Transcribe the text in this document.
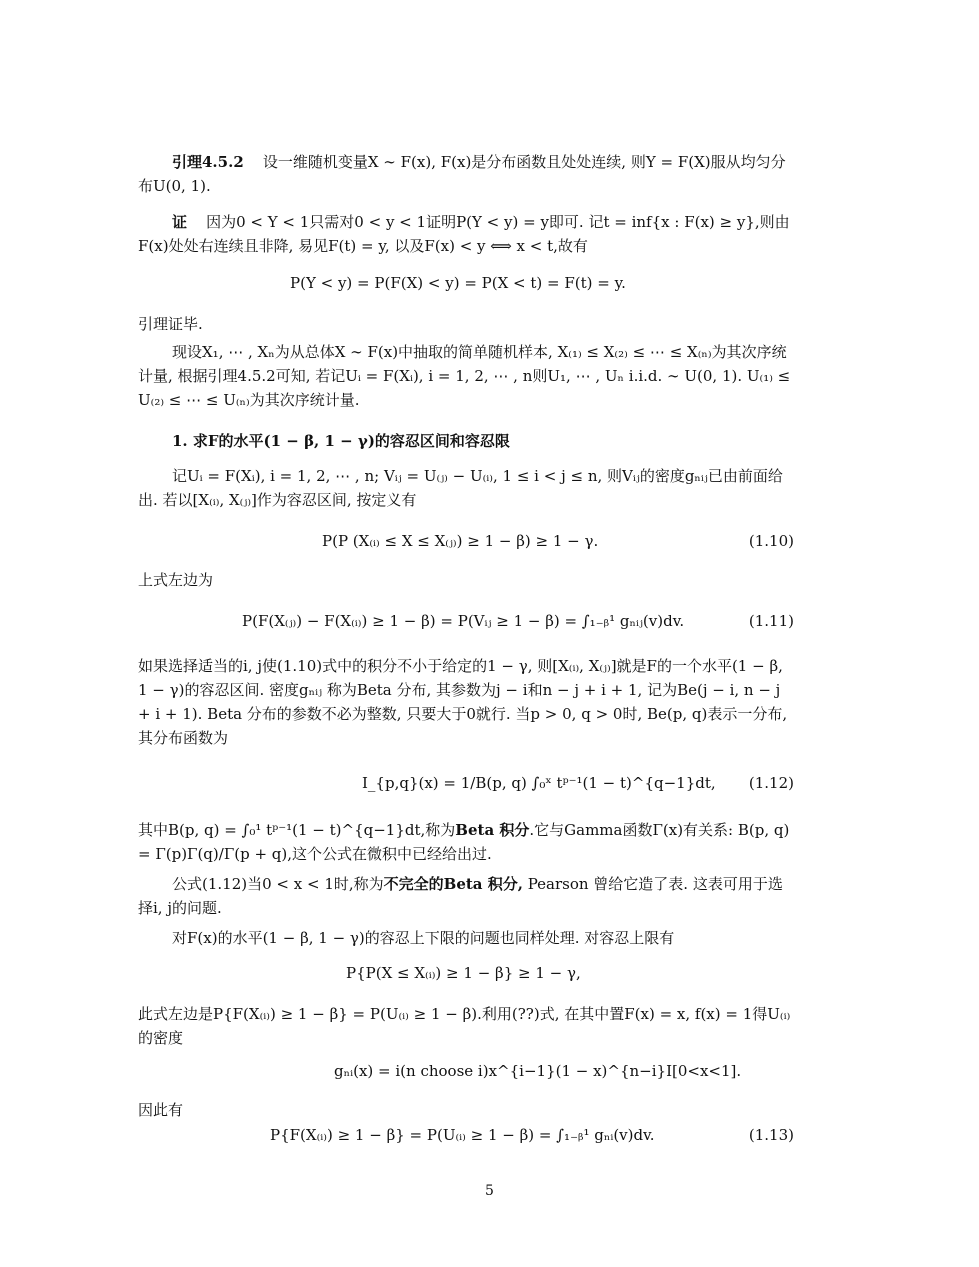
引理4.5.2 设一维随机变量X ∼ F(x), F(x)是分布函数且处处连续, 则Y = F(X)服从均匀分布U(0, 1).
证 因为0 < Y < 1只需对0 < y < 1证明P(Y < y) = y即可. 记t = inf{x : F(x) ≥ y},则由F(x)处处右连续且非降, 易见F(t) = y, 以及F(x) < y ⟺ x < t,故有
P(Y < y) = P(F(X) < y) = P(X < t) = F(t) = y.
引理证毕.
现设X₁, ⋯ , Xₙ为从总体X ∼ F(x)中抽取的简单随机样本, X₍₁₎ ≤ X₍₂₎ ≤ ⋯ ≤ X₍ₙ₎为其次序统计量, 根据引理4.5.2可知, 若记Uᵢ = F(Xᵢ), i = 1, 2, ⋯ , n则U₁, ⋯ , Uₙ i.i.d. ∼ U(0, 1). U₍₁₎ ≤ U₍₂₎ ≤ ⋯ ≤ U₍ₙ₎为其次序统计量.
1. 求F的水平(1 − β, 1 − γ)的容忍区间和容忍限
记Uᵢ = F(Xᵢ), i = 1, 2, ⋯ , n; Vᵢⱼ = U₍ⱼ₎ − U₍ᵢ₎, 1 ≤ i < j ≤ n, 则Vᵢⱼ的密度gₙᵢⱼ已由前面给出. 若以[X₍ᵢ₎, X₍ⱼ₎]作为容忍区间, 按定义有
P(P (X₍ᵢ₎ ≤ X ≤ X₍ⱼ₎) ≥ 1 − β) ≥ 1 − γ.	(1.10)
上式左边为
P(F(X₍ⱼ₎) − F(X₍ᵢ₎) ≥ 1 − β) = P(Vᵢⱼ ≥ 1 − β) = ∫₁₋ᵦ¹ gₙᵢⱼ(v)dv.	(1.11)
如果选择适当的i, j使(1.10)式中的积分不小于给定的1 − γ, 则[X₍ᵢ₎, X₍ⱼ₎]就是F的一个水平(1 − β, 1 − γ)的容忍区间. 密度gₙᵢⱼ 称为Beta 分布, 其参数为j − i和n − j + i + 1, 记为Be(j − i, n − j + i + 1). Beta 分布的参数不必为整数, 只要大于0就行. 当p > 0, q > 0时, Be(p, q)表示一分布, 其分布函数为
I_{p,q}(x) = 1/B(p, q) ∫₀ˣ tᵖ⁻¹(1 − t)^{q−1}dt, (1.12)
其中B(p, q) = ∫₀¹ tᵖ⁻¹(1 − t)^{q−1}dt,称为Beta 积分.它与Gamma函数Γ(x)有关系: B(p, q) = Γ(p)Γ(q)/Γ(p + q),这个公式在微积中已经给出过.
公式(1.12)当0 < x < 1时,称为不完全的Beta 积分, Pearson 曾给它造了表. 这表可用于选择i, j的问题.
对F(x)的水平(1 − β, 1 − γ)的容忍上下限的问题也同样处理. 对容忍上限有
P{P(X ≤ X₍ᵢ₎) ≥ 1 − β} ≥ 1 − γ,
此式左边是P{F(X₍ᵢ₎) ≥ 1 − β} = P(U₍ᵢ₎ ≥ 1 − β).利用(??)式, 在其中置F(x) = x, f(x) = 1得U₍ᵢ₎的密度
gₙᵢ(x) = i(n choose i)x^{i−1}(1 − x)^{n−i}I[0<x<1].
因此有
P{F(X₍ᵢ₎) ≥ 1 − β} = P(U₍ᵢ₎ ≥ 1 − β) = ∫₁₋ᵦ¹ gₙᵢ(v)dv.	(1.13)
5
